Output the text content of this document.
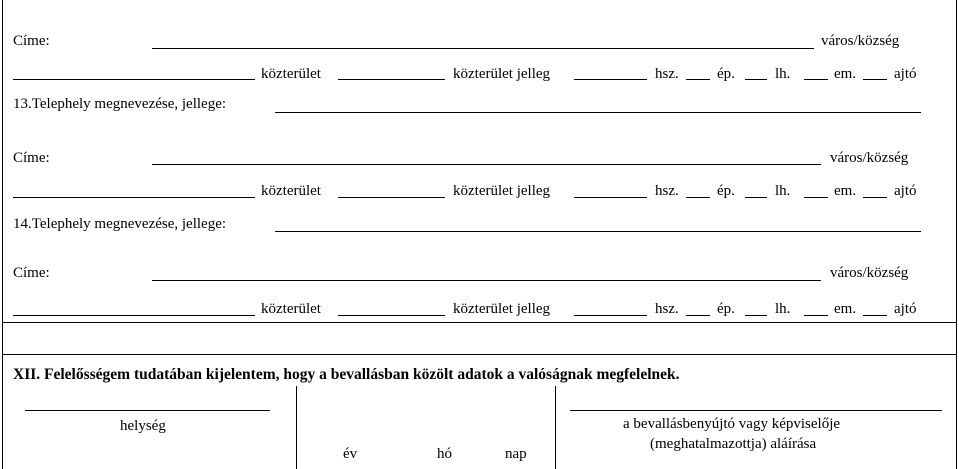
Címe:	város/község
közterület	közterület jelleg	hsz.	ép.	lh.	em.	ajtó
13.Telephely megnevezése, jellege:
Címe:	város/község
közterület	közterület jelleg	hsz.	ép.	lh.	em.	ajtó
14.Telephely megnevezése, jellege:
Címe:	város/község
közterület	közterület jelleg	hsz.	ép.	lh.	em.	ajtó
XII. Felelősségem tudatában kijelentem, hogy a bevallásban közölt adatok a valóságnak megfelelnek.
helység
év	hó	nap
a bevallásbenyújtó vagy képviselője
(meghatalmazottja) aláírása
